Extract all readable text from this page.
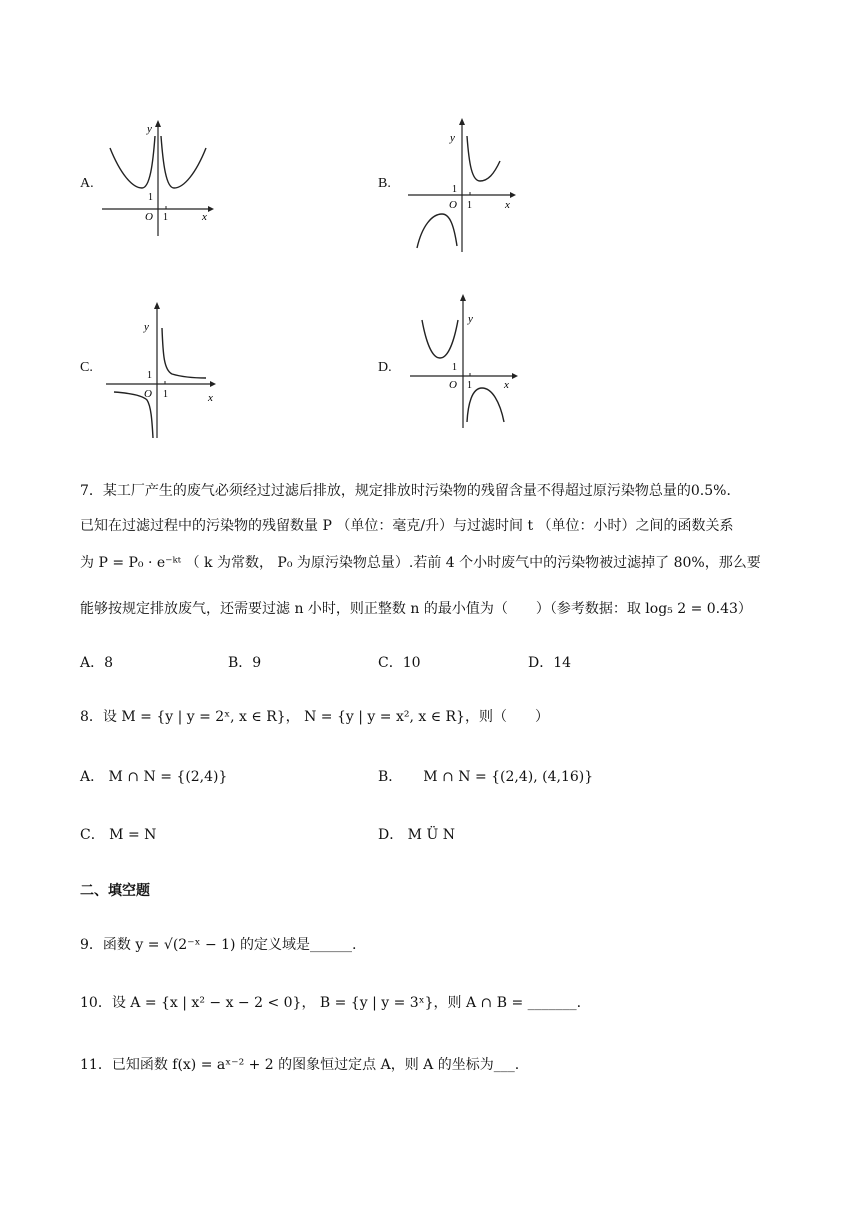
A.
1
O 1	x
y
B.	1
O 1	x
y
C.
1
O 1	x
y
D.	1
O 1	x
y
7．某工厂产生的废气必须经过过滤后排放，规定排放时污染物的残留含量不得超过原污染物总量的0.5%．
已知在过滤过程中的污染物的残留数量 P （单位：毫克/升）与过滤时间 t （单位：小时）之间的函数关系
为 P = P₀ · e⁻ᵏᵗ （ k 为常数， P₀ 为原污染物总量）.若前 4 个小时废气中的污染物被过滤掉了 80%，那么要
能够按规定排放废气，还需要过滤 n 小时，则正整数 n 的最小值为（　　）（参考数据：取 log₅ 2 = 0.43）
A．8	B．9	C．10	D．14
8．设 M = {y | y = 2ˣ, x ∈ R}， N = {y | y = x², x ∈ R}，则（　　）
A． M ∩ N = {(2,4)}	B．　　M ∩ N = {(2,4), (4,16)}
C． M = N	D． M Ü N
二、填空题
9．函数 y = √(2⁻ˣ − 1) 的定义域是______.
10．设 A = {x | x² − x − 2 < 0}， B = {y | y = 3ˣ}，则 A ∩ B = _______.
11．已知函数 f(x) = aˣ⁻² + 2 的图象恒过定点 A，则 A 的坐标为___.
